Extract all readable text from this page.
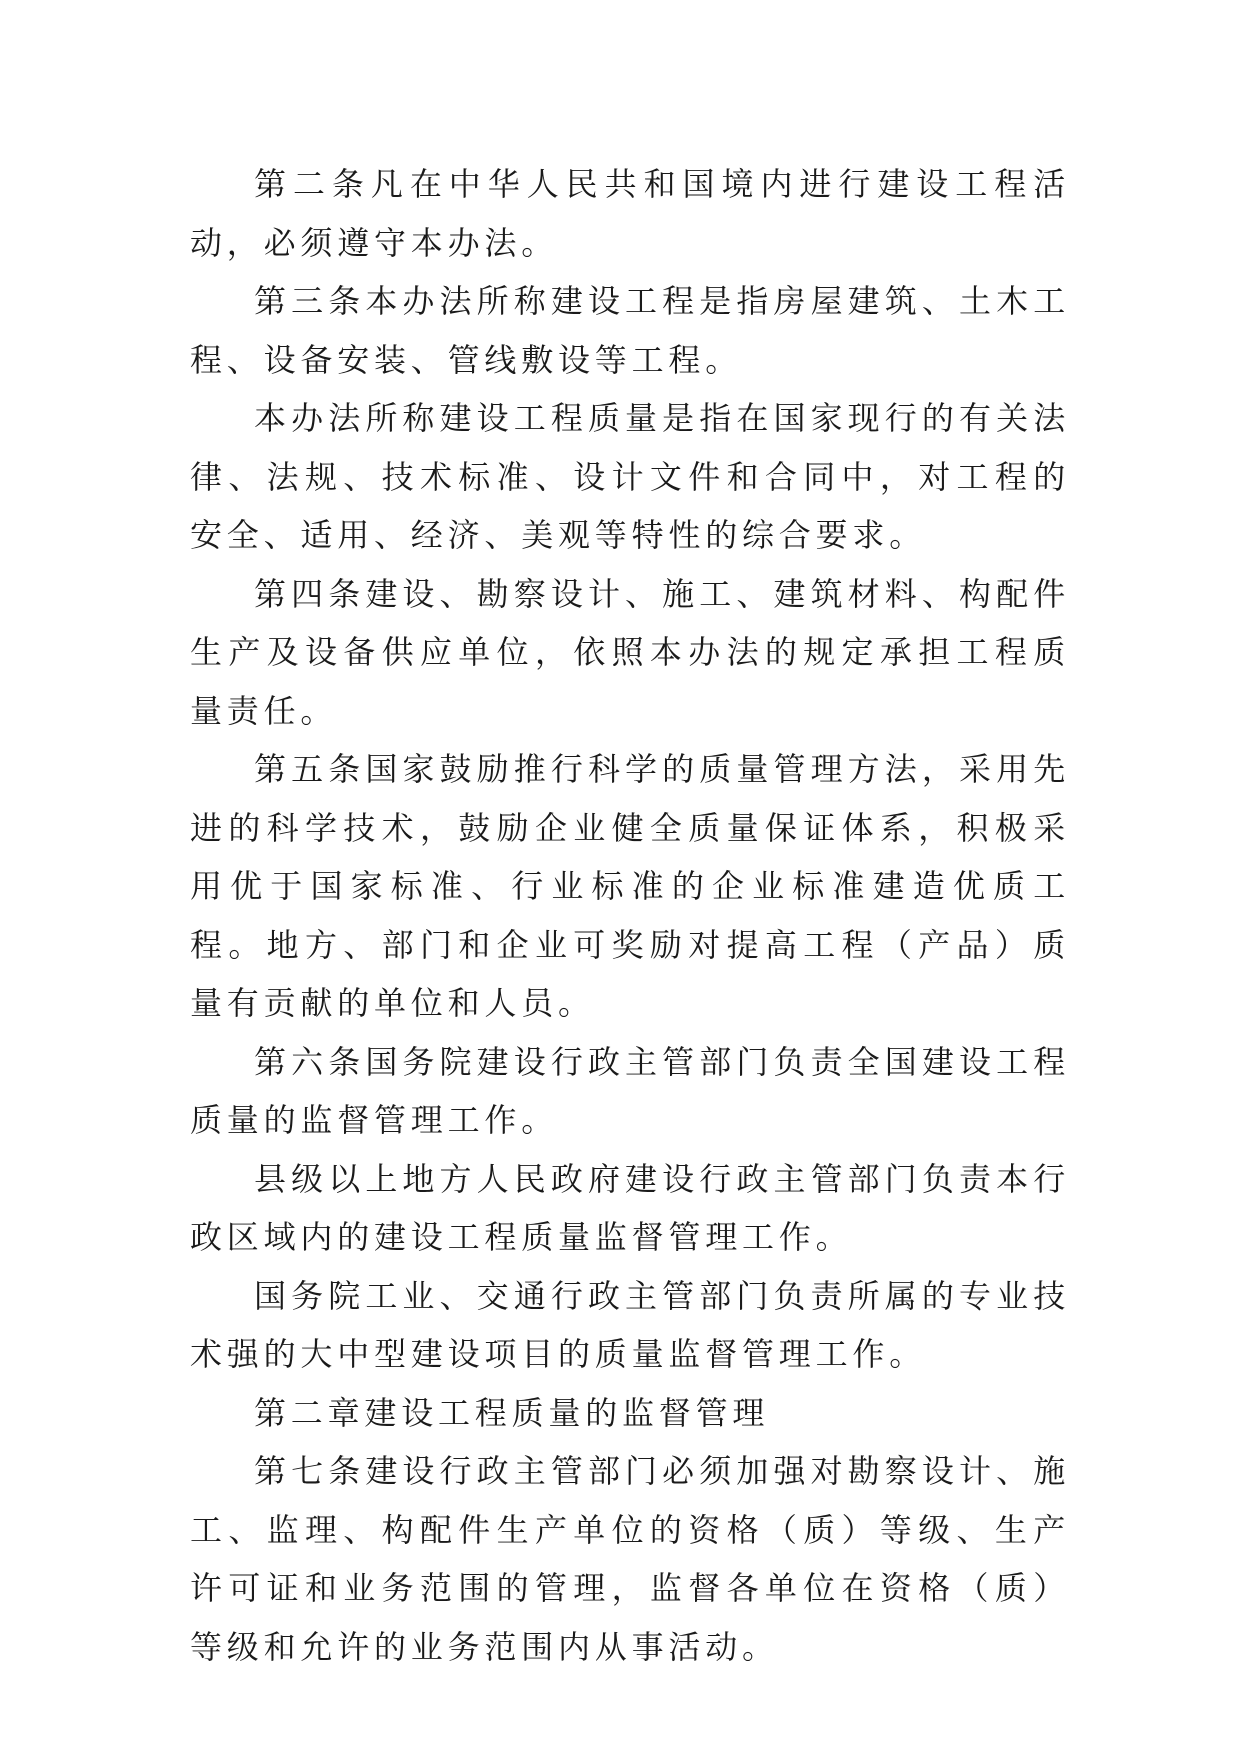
第二条凡在中华人民共和国境内进行建设工程活动，必须遵守本办法。

第三条本办法所称建设工程是指房屋建筑、土木工程、设备安装、管线敷设等工程。

本办法所称建设工程质量是指在国家现行的有关法律、法规、技术标准、设计文件和合同中，对工程的安全、适用、经济、美观等特性的综合要求。

第四条建设、勘察设计、施工、建筑材料、构配件生产及设备供应单位，依照本办法的规定承担工程质量责任。

第五条国家鼓励推行科学的质量管理方法，采用先进的科学技术，鼓励企业健全质量保证体系，积极采用优于国家标准、行业标准的企业标准建造优质工程。地方、部门和企业可奖励对提高工程（产品）质量有贡献的单位和人员。

第六条国务院建设行政主管部门负责全国建设工程质量的监督管理工作。

县级以上地方人民政府建设行政主管部门负责本行政区域内的建设工程质量监督管理工作。

国务院工业、交通行政主管部门负责所属的专业技术强的大中型建设项目的质量监督管理工作。

第二章建设工程质量的监督管理

第七条建设行政主管部门必须加强对勘察设计、施工、监理、构配件生产单位的资格（质）等级、生产许可证和业务范围的管理，监督各单位在资格（质）等级和允许的业务范围内从事活动。
